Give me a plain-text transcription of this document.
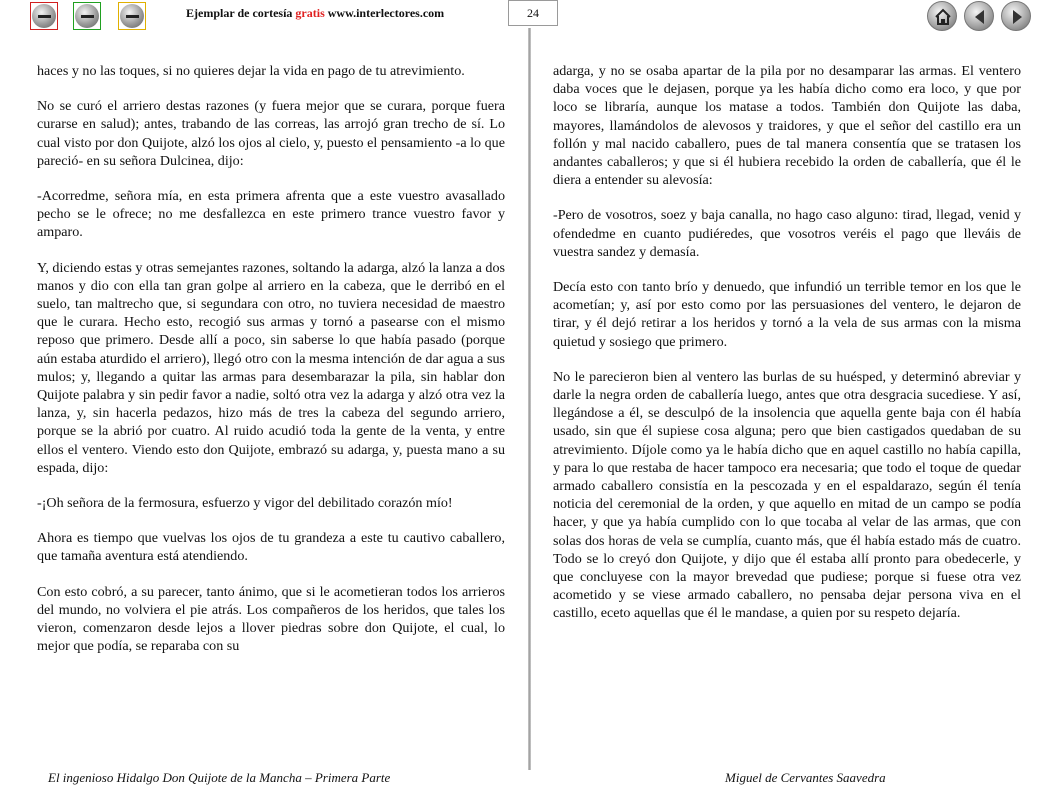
Ejemplar de cortesía gratis www.interlectores.com	24

haces y no las toques, si no quieres dejar la vida en pago de tu atrevimiento.

No se curó el arriero destas razones (y fuera mejor que se curara, porque fuera curarse en salud); antes, trabando de las correas, las arrojó gran trecho de sí. Lo cual visto por don Quijote, alzó los ojos al cielo, y, puesto el pensamiento -a lo que pareció- en su señora Dulcinea, dijo:

-Acorredme, señora mía, en esta primera afrenta que a este vuestro avasallado pecho se le ofrece; no me desfallezca en este primero trance vuestro favor y amparo.

Y, diciendo estas y otras semejantes razones, soltando la adarga, alzó la lanza a dos manos y dio con ella tan gran golpe al arriero en la cabeza, que le derribó en el suelo, tan maltrecho que, si segundara con otro, no tuviera necesidad de maestro que le curara. Hecho esto, recogió sus armas y tornó a pasearse con el mismo reposo que primero. Desde allí a poco, sin saberse lo que había pasado (porque aún estaba aturdido el arriero), llegó otro con la mesma intención de dar agua a sus mulos; y, llegando a quitar las armas para desembarazar la pila, sin hablar don Quijote palabra y sin pedir favor a nadie, soltó otra vez la adarga y alzó otra vez la lanza, y, sin hacerla pedazos, hizo más de tres la cabeza del segundo arriero, porque se la abrió por cuatro. Al ruido acudió toda la gente de la venta, y entre ellos el ventero. Viendo esto don Quijote, embrazó su adarga, y, puesta mano a su espada, dijo:

-¡Oh señora de la fermosura, esfuerzo y vigor del debilitado corazón mío!

Ahora es tiempo que vuelvas los ojos de tu grandeza a este tu cautivo caballero, que tamaña aventura está atendiendo.

Con esto cobró, a su parecer, tanto ánimo, que si le acometieran todos los arrieros del mundo, no volviera el pie atrás. Los compañeros de los heridos, que tales los vieron, comenzaron desde lejos a llover piedras sobre don Quijote, el cual, lo mejor que podía, se reparaba con su

adarga, y no se osaba apartar de la pila por no desamparar las armas. El ventero daba voces que le dejasen, porque ya les había dicho como era loco, y que por loco se libraría, aunque los matase a todos. También don Quijote las daba, mayores, llamándolos de alevosos y traidores, y que el señor del castillo era un follón y mal nacido caballero, pues de tal manera consentía que se tratasen los andantes caballeros; y que si él hubiera recebido la orden de caballería, que él le diera a entender su alevosía:

-Pero de vosotros, soez y baja canalla, no hago caso alguno: tirad, llegad, venid y ofendedme en cuanto pudiéredes, que vosotros veréis el pago que lleváis de vuestra sandez y demasía.

Decía esto con tanto brío y denuedo, que infundió un terrible temor en los que le acometían; y, así por esto como por las persuasiones del ventero, le dejaron de tirar, y él dejó retirar a los heridos y tornó a la vela de sus armas con la misma quietud y sosiego que primero.

No le parecieron bien al ventero las burlas de su huésped, y determinó abreviar y darle la negra orden de caballería luego, antes que otra desgracia sucediese. Y así, llegándose a él, se desculpó de la insolencia que aquella gente baja con él había usado, sin que él supiese cosa alguna; pero que bien castigados quedaban de su atrevimiento. Díjole como ya le había dicho que en aquel castillo no había capilla, y para lo que restaba de hacer tampoco era necesaria; que todo el toque de quedar armado caballero consistía en la pescozada y en el espaldarazo, según él tenía noticia del ceremonial de la orden, y que aquello en mitad de un campo se podía hacer, y que ya había cumplido con lo que tocaba al velar de las armas, que con solas dos horas de vela se cumplía, cuanto más, que él había estado más de cuatro. Todo se lo creyó don Quijote, y dijo que él estaba allí pronto para obedecerle, y que concluyese con la mayor brevedad que pudiese; porque si fuese otra vez acometido y se viese armado caballero, no pensaba dejar persona viva en el castillo, eceto aquellas que él le mandase, a quien por su respeto dejaría.

El ingenioso Hidalgo Don Quijote de la Mancha – Primera Parte	Miguel de Cervantes Saavedra
